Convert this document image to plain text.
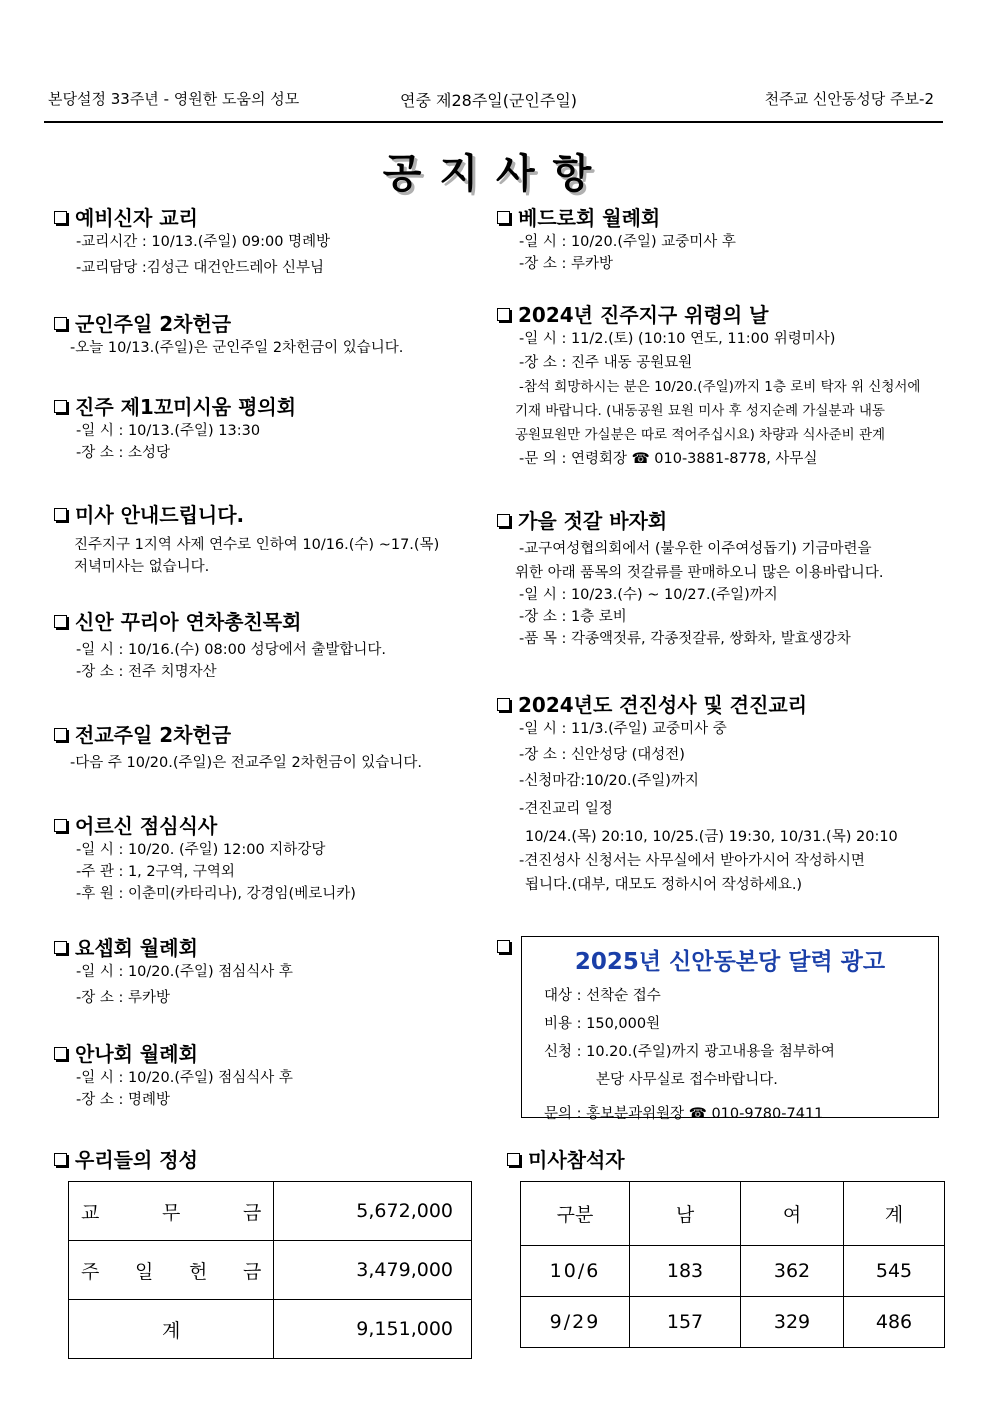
본당설정 33주년 - 영원한 도움의 성모	연중 제28주일(군인주일)	천주교 신안동성당 주보-2
공지사항
예비신자 교리
-교리시간 : 10/13.(주일) 09:00 명례방
-교리담당 :김성근 대건안드레아 신부님
군인주일 2차헌금
-오늘 10/13.(주일)은 군인주일 2차헌금이 있습니다.
진주 제1꼬미시움 평의회
-일 시 : 10/13.(주일) 13:30
-장 소 : 소성당
미사 안내드립니다.
진주지구 1지역 사제 연수로 인하여 10/16.(수) ~17.(목)
저녁미사는 없습니다.
신안 꾸리아 연차총친목회
-일 시 : 10/16.(수) 08:00 성당에서 출발합니다.
-장 소 : 전주 치명자산
전교주일 2차헌금
-다음 주 10/20.(주일)은 전교주일 2차헌금이 있습니다.
어르신 점심식사
-일 시 : 10/20. (주일) 12:00 지하강당
-주 관 : 1, 2구역, 구역외
-후 원 : 이춘미(카타리나), 강경임(베로니카)
요셉회 월례회
-일 시 : 10/20.(주일) 점심식사 후
-장 소 : 루카방
안나회 월례회
-일 시 : 10/20.(주일) 점심식사 후
-장 소 : 명례방
베드로회 월례회
-일 시 : 10/20.(주일) 교중미사 후
-장 소 : 루카방
2024년 진주지구 위령의 날
-일 시 : 11/2.(토) (10:10 연도, 11:00 위령미사)
-장 소 : 진주 내동 공원묘원
-참석 희망하시는 분은 10/20.(주일)까지 1층 로비 탁자 위 신청서에
기재 바랍니다. (내동공원 묘원 미사 후 성지순례 가실분과 내동
공원묘원만 가실분은 따로 적어주십시요) 차량과 식사준비 관계
-문 의 : 연령회장 ☎ 010-3881-8778, 사무실
가을 젓갈 바자회
-교구여성협의회에서 (불우한 이주여성돕기) 기금마련을
위한 아래 품목의 젓갈류를 판매하오니 많은 이용바랍니다.
-일 시 : 10/23.(수) ~ 10/27.(주일)까지
-장 소 : 1층 로비
-품 목 : 각종액젓류, 각종젓갈류, 쌍화차, 발효생강차
2024년도 견진성사 및 견진교리
-일 시 : 11/3.(주일) 교중미사 중
-장 소 : 신안성당 (대성전)
-신청마감:10/20.(주일)까지
-견진교리 일정
10/24.(목) 20:10, 10/25.(금) 19:30, 10/31.(목) 20:10
-견진성사 신청서는 사무실에서 받아가시어 작성하시면
됩니다.(대부, 대모도 정하시어 작성하세요.)
2025년 신안동본당 달력 광고
대상 : 선착순 접수
비용 : 150,000원
신청 : 10.20.(주일)까지 광고내용을 첨부하여
본당 사무실로 접수바랍니다.
문의 : 홍보분과위원장 ☎ 010-9780-7411
우리들의 정성
교 무 금	5,672,000

주 일 헌 금	3,479,000
계	9,151,000
미사참석자
구분	남	여	계
10/6	183	362	545
9/29	157	329	486
